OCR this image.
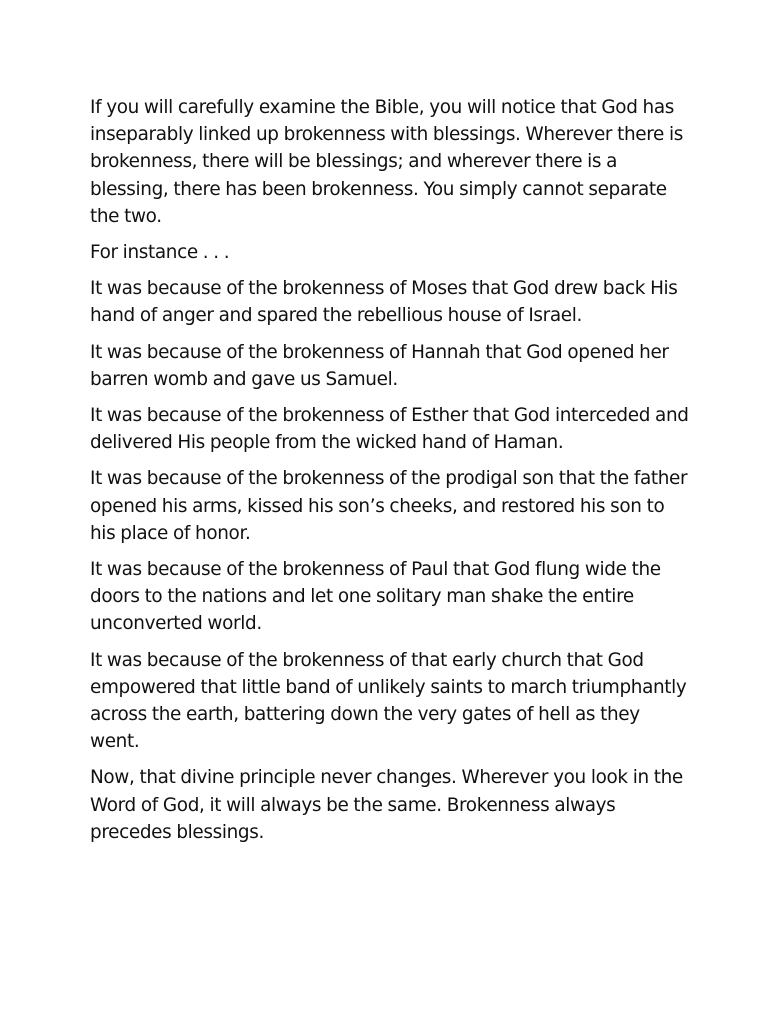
If you will carefully examine the Bible, you will notice that God has inseparably linked up brokenness with blessings. Wherever there is brokenness, there will be blessings; and wherever there is a blessing, there has been brokenness. You simply cannot separate the two.

For instance . . .

It was because of the brokenness of Moses that God drew back His hand of anger and spared the rebellious house of Israel.

It was because of the brokenness of Hannah that God opened her barren womb and gave us Samuel.

It was because of the brokenness of Esther that God interceded and delivered His people from the wicked hand of Haman.

It was because of the brokenness of the prodigal son that the father opened his arms, kissed his son’s cheeks, and restored his son to his place of honor.

It was because of the brokenness of Paul that God flung wide the doors to the nations and let one solitary man shake the entire unconverted world.

It was because of the brokenness of that early church that God empowered that little band of unlikely saints to march triumphantly across the earth, battering down the very gates of hell as they went.

Now, that divine principle never changes. Wherever you look in the Word of God, it will always be the same. Brokenness always precedes blessings.
